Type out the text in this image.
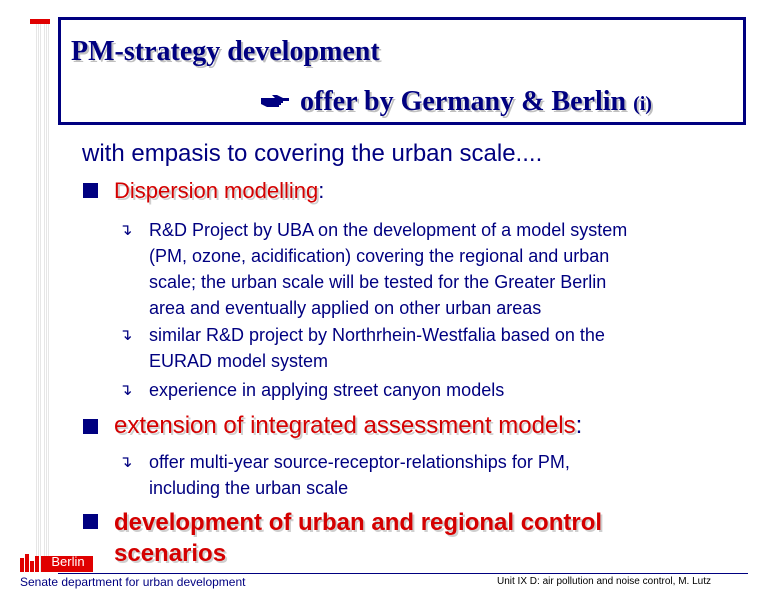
PM-strategy development
offer by Germany & Berlin (i)
with empasis to covering the urban scale....
Dispersion modelling:
↴ R&D Project by UBA on the development of a model system
(PM, ozone, acidification) covering the regional and urban
scale; the urban scale will be tested for the Greater Berlin
area and eventually applied on other urban areas
↴ similar R&D project by Northrhein-Westfalia based on the
EURAD model system
↴ experience in applying street canyon models
extension of integrated assessment models:
↴ offer multi-year source-receptor-relationships for PM,
including the urban scale
development of urban and regional control
scenarios
Berlin
Senate department for urban development	Unit IX D: air pollution and noise control, M. Lutz
